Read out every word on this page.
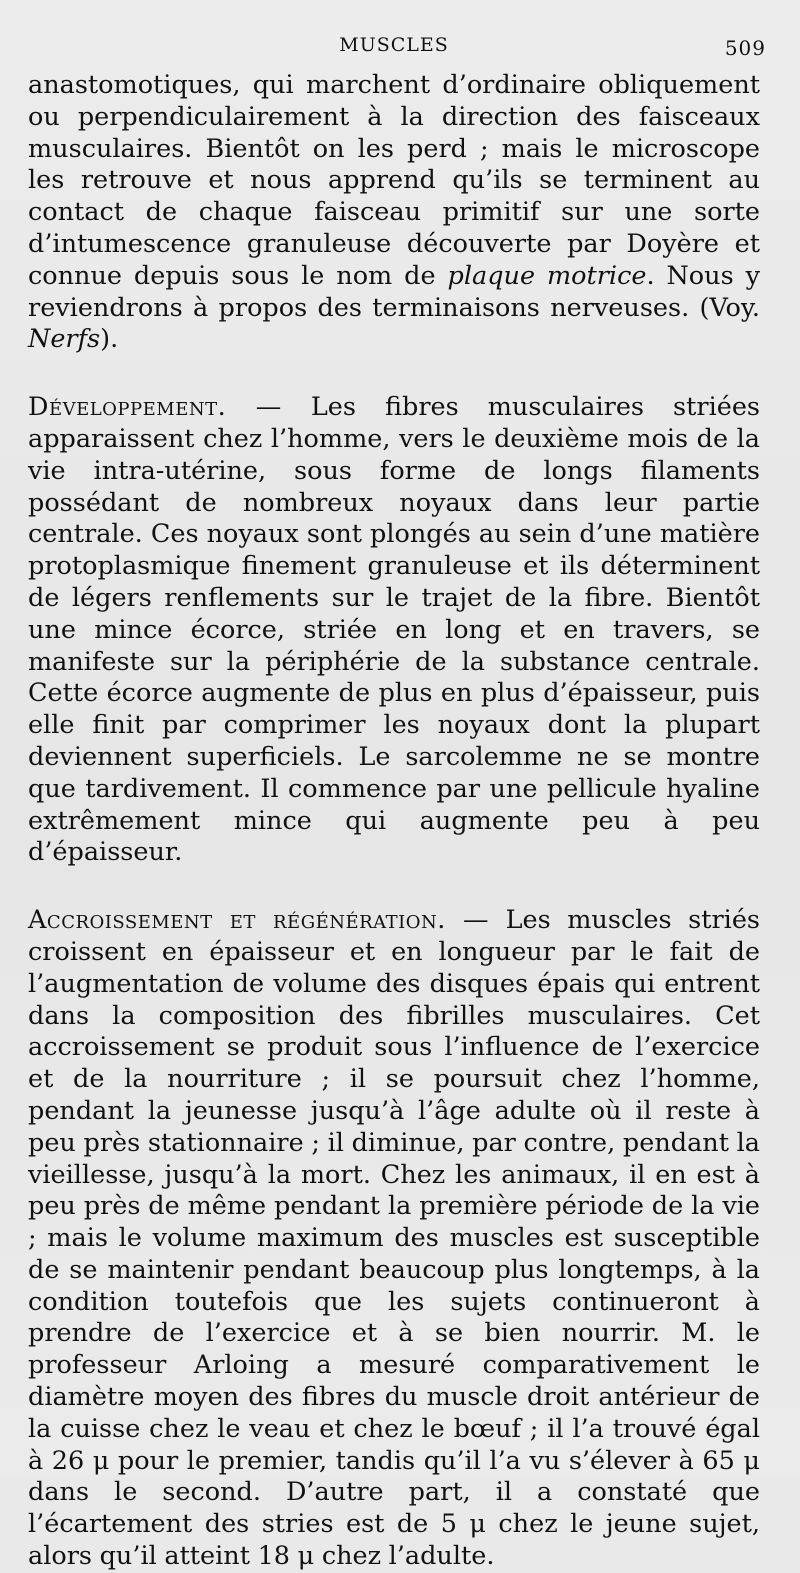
MUSCLES	509

anastomotiques, qui marchent d’ordinaire obliquement ou perpendiculairement à la direction des faisceaux musculaires. Bientôt on les perd ; mais le microscope les retrouve et nous apprend qu’ils se terminent au contact de chaque faisceau primitif sur une sorte d’intumescence granuleuse découverte par Doyère et connue depuis sous le nom de plaque motrice. Nous y reviendrons à propos des terminaisons nerveuses. (Voy. Nerfs).

Développement. — Les fibres musculaires striées apparaissent chez l’homme, vers le deuxième mois de la vie intra-utérine, sous forme de longs filaments possédant de nombreux noyaux dans leur partie centrale. Ces noyaux sont plongés au sein d’une matière protoplasmique finement granuleuse et ils déterminent de légers renflements sur le trajet de la fibre. Bientôt une mince écorce, striée en long et en travers, se manifeste sur la périphérie de la substance centrale. Cette écorce augmente de plus en plus d’épaisseur, puis elle finit par comprimer les noyaux dont la plupart deviennent superficiels. Le sarcolemme ne se montre que tardivement. Il commence par une pellicule hyaline extrêmement mince qui augmente peu à peu d’épaisseur.

Accroissement et régénération. — Les muscles striés croissent en épaisseur et en longueur par le fait de l’augmentation de volume des disques épais qui entrent dans la composition des fibrilles musculaires. Cet accroissement se produit sous l’influence de l’exercice et de la nourriture ; il se poursuit chez l’homme, pendant la jeunesse jusqu’à l’âge adulte où il reste à peu près stationnaire ; il diminue, par contre, pendant la vieillesse, jusqu’à la mort. Chez les animaux, il en est à peu près de même pendant la première période de la vie ; mais le volume maximum des muscles est susceptible de se maintenir pendant beaucoup plus longtemps, à la condition toutefois que les sujets continueront à prendre de l’exercice et à se bien nourrir. M. le professeur Arloing a mesuré comparativement le diamètre moyen des fibres du muscle droit antérieur de la cuisse chez le veau et chez le bœuf ; il l’a trouvé égal à 26 μ pour le premier, tandis qu’il l’a vu s’élever à 65 μ dans le second. D’autre part, il a constaté que l’écartement des stries est de 5 μ chez le jeune sujet, alors qu’il atteint 18 μ chez l’adulte.
